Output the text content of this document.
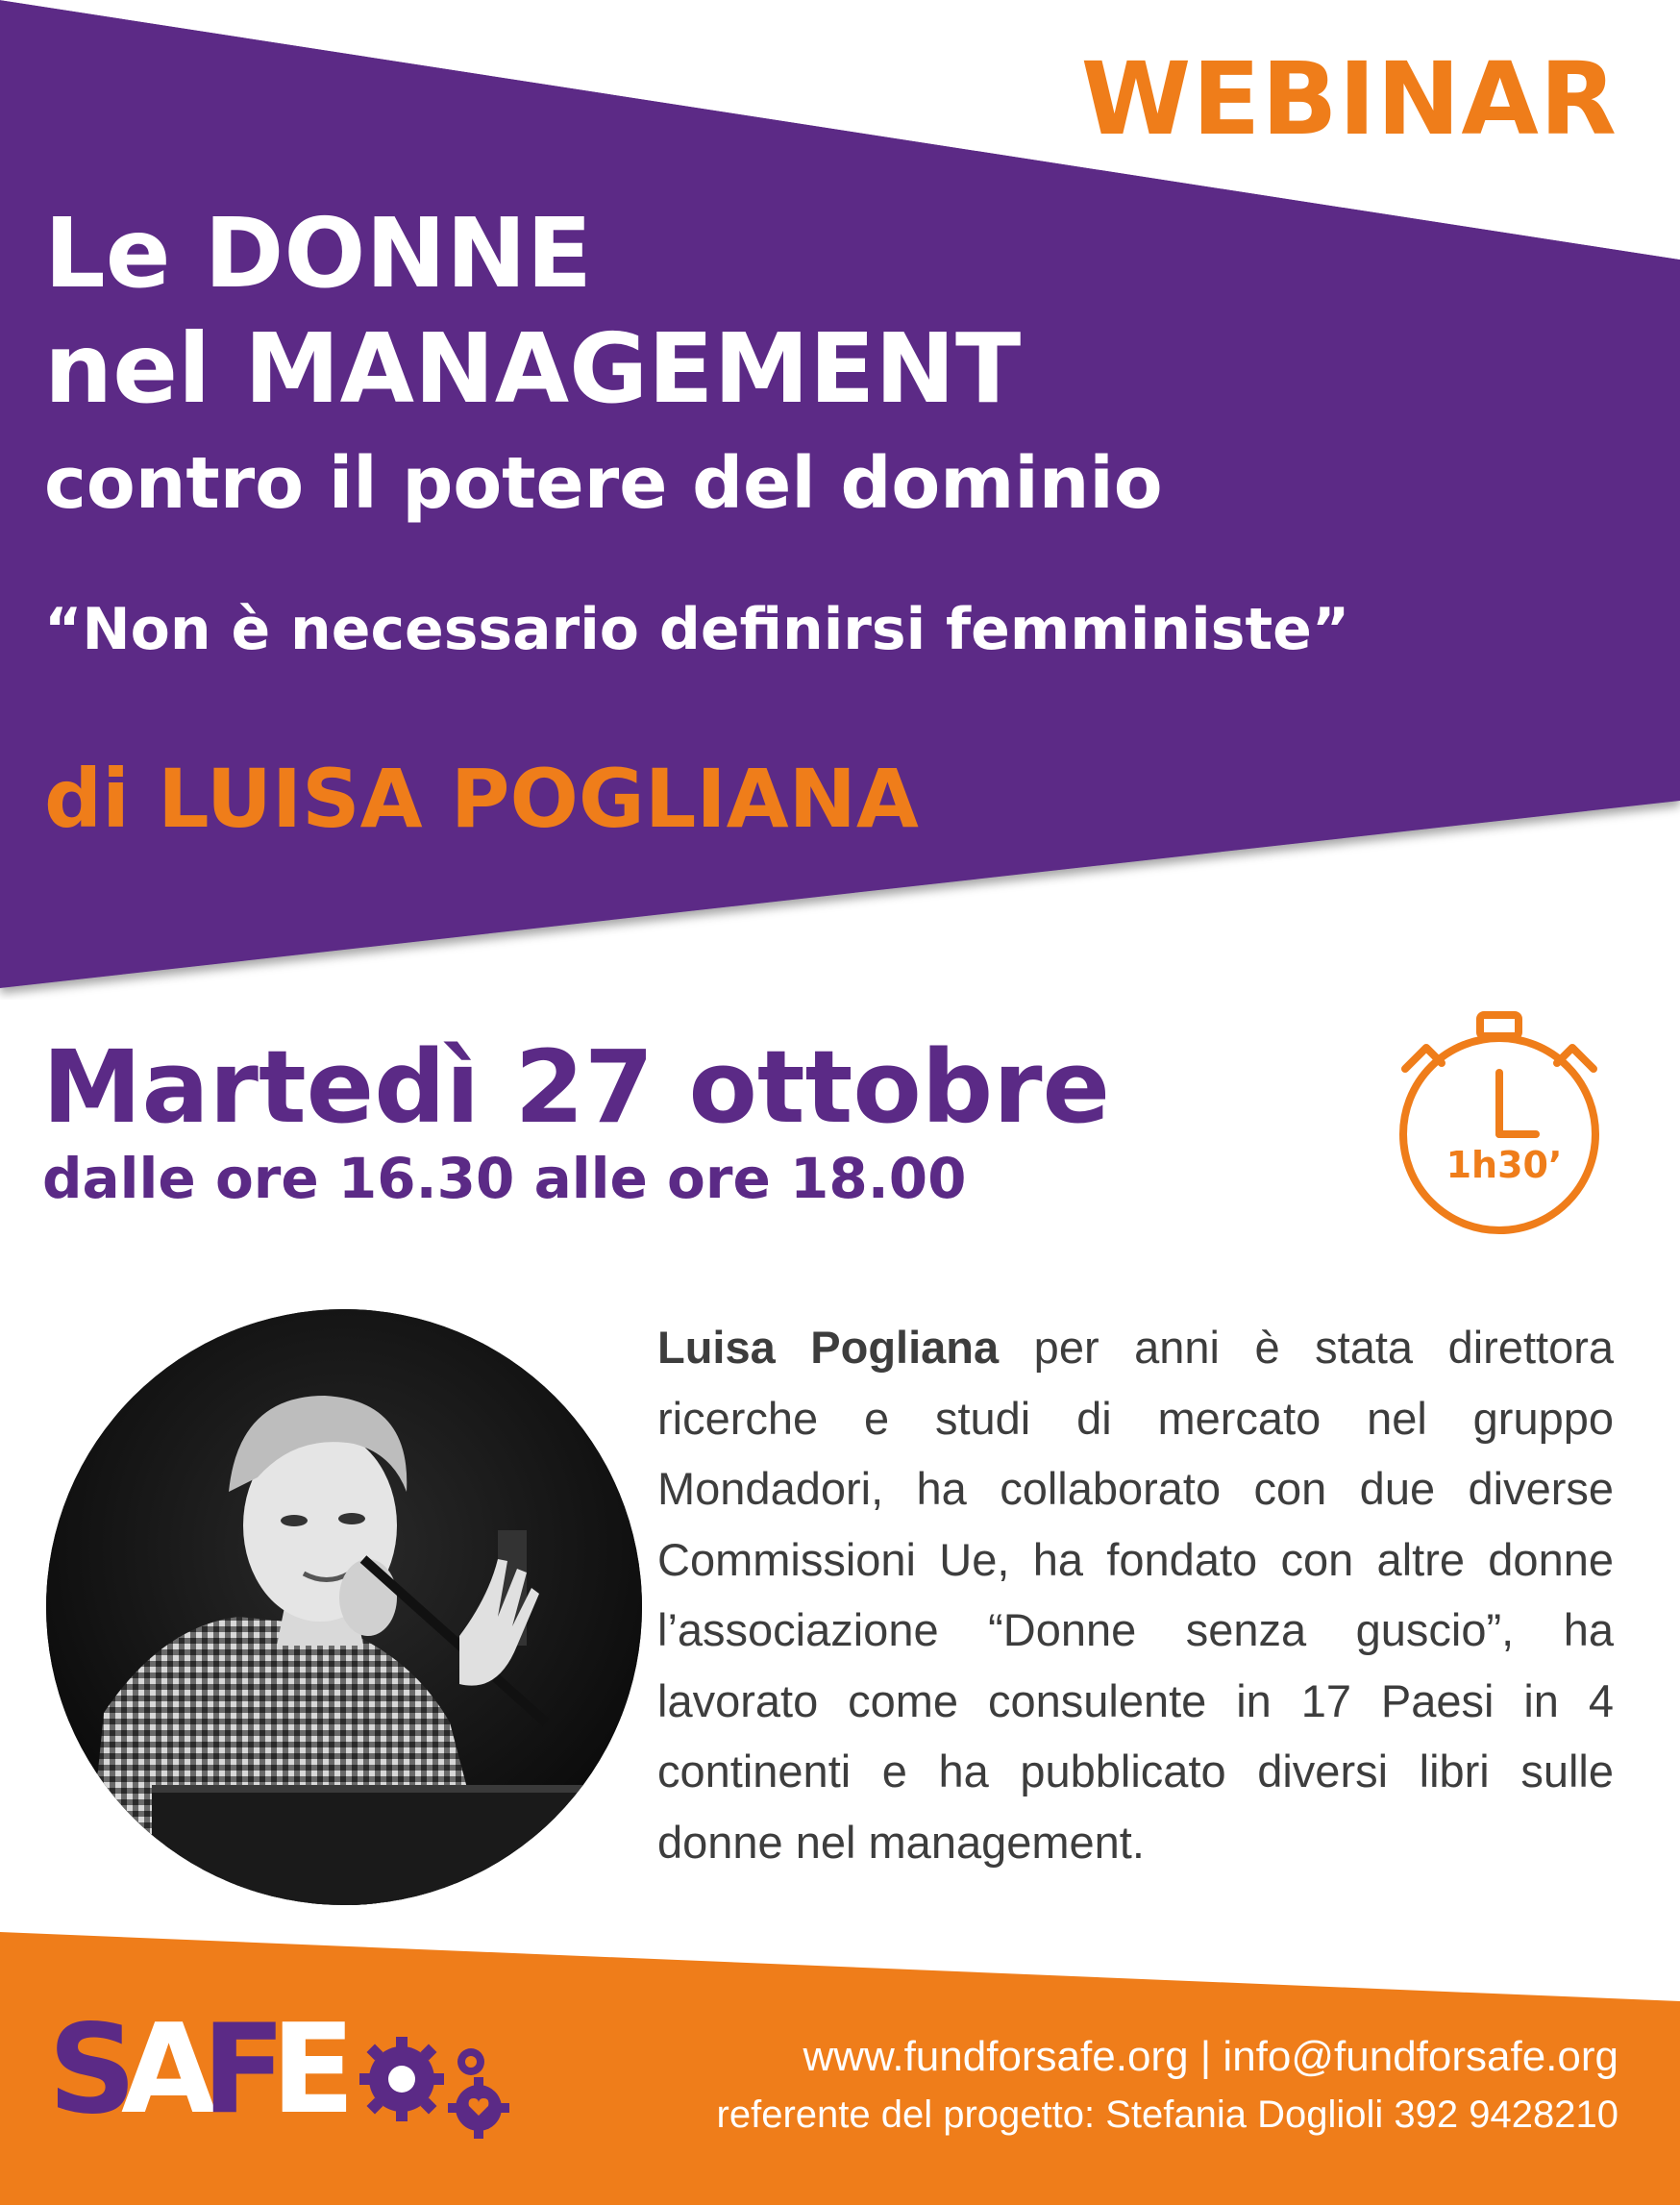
WEBINAR
Le DONNE
nel MANAGEMENT
contro il potere del dominio
“Non è necessario definirsi femministe”
di LUISA POGLIANA
Martedì 27 ottobre
dalle ore 16.30 alle ore 18.00	1h30’
Luisa Pogliana per anni è stata direttora ricerche e studi di mercato nel gruppo Mondadori, ha collaborato con due diverse Commissioni Ue, ha fondato con altre donne l’associazione “Donne senza guscio”, ha lavorato come consulente in 17 Paesi in 4 continenti e ha pubblicato diversi libri sulle donne nel management.
S
A
F
E	www.fundforsafe.org | info@fundforsafe.org
referente del progetto: Stefania Doglioli 392 9428210
